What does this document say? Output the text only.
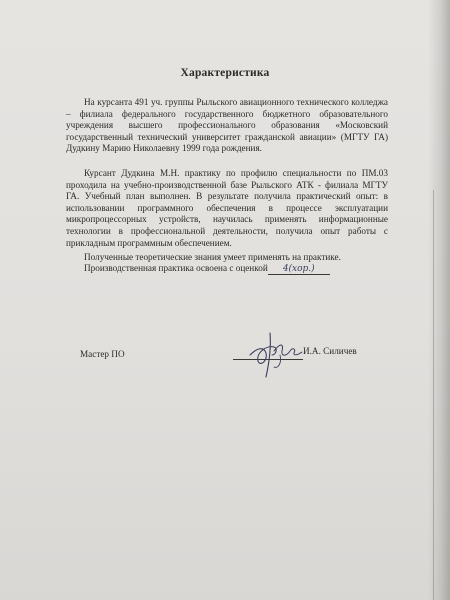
Характеристика
На курсанта 491 уч. группы Рыльского авиационного технического колледжа – филиала федерального государственного бюджетного образовательного учреждения высшего профессионального образования «Московский государственный технический университет гражданской авиации» (МГТУ ГА) Дудкину Марию Николаевну 1999 года рождения.
Курсант Дудкина М.Н. практику по профилю специальности по ПМ.03 проходила на учебно-производственной базе Рыльского АТК - филиала МГТУ ГА. Учебный план выполнен. В результате получила практический опыт: в использовании программного обеспечения в процессе эксплуатации микропроцессорных устройств, научилась применять информационные технологии в профессиональной деятельности, получила опыт работы с прикладным программным обеспечением.
Полученные теоретические знания умеет применять на практике.
Производственная практика освоена с оценкой 4(хор.)
Мастер ПО	И.А. Силичев
